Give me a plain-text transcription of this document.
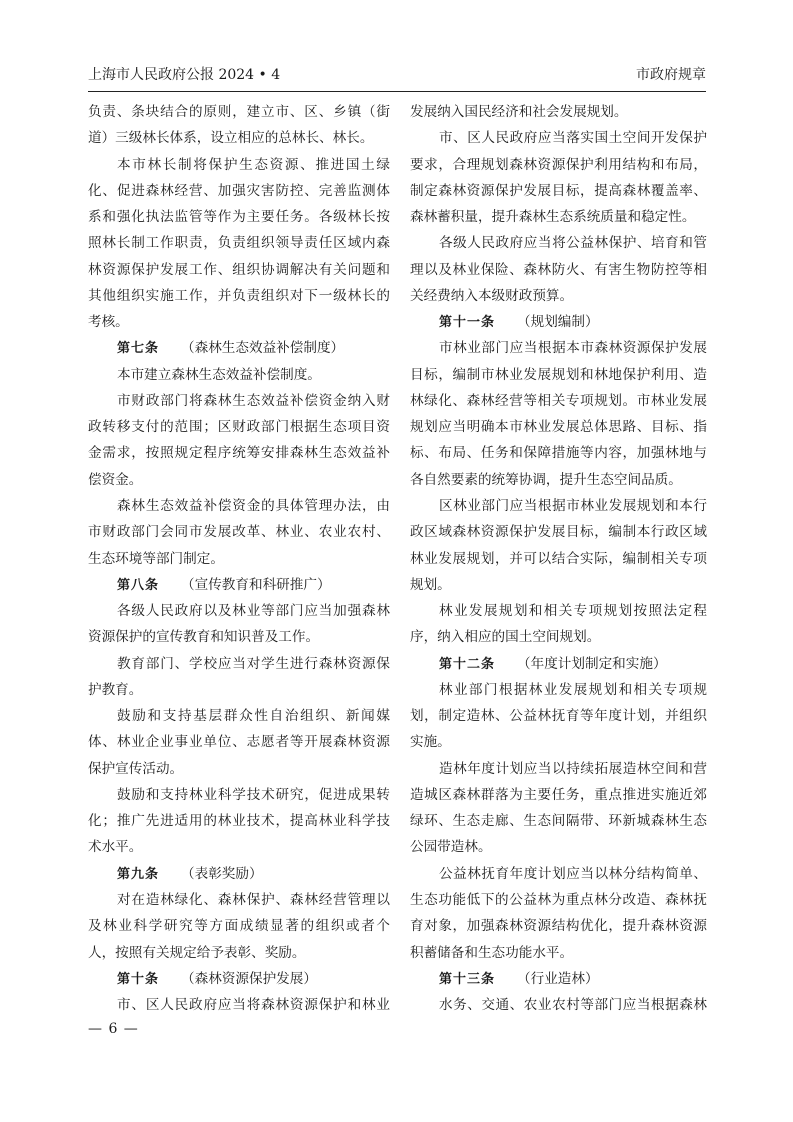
上海市人民政府公报 2024 • 4	市政府规章
负责、条块结合的原则，建立市、区、乡镇（街
道）三级林长体系，设立相应的总林长、林长。
本市林长制将保护生态资源、推进国土绿
化、促进森林经营、加强灾害防控、完善监测体
系和强化执法监管等作为主要任务。各级林长按
照林长制工作职责，负责组织领导责任区域内森
林资源保护发展工作、组织协调解决有关问题和
其他组织实施工作，并负责组织对下一级林长的
考核。
第七条 （森林生态效益补偿制度）
本市建立森林生态效益补偿制度。
市财政部门将森林生态效益补偿资金纳入财
政转移支付的范围；区财政部门根据生态项目资
金需求，按照规定程序统筹安排森林生态效益补
偿资金。
森林生态效益补偿资金的具体管理办法，由
市财政部门会同市发展改革、林业、农业农村、
生态环境等部门制定。
第八条 （宣传教育和科研推广）
各级人民政府以及林业等部门应当加强森林
资源保护的宣传教育和知识普及工作。
教育部门、学校应当对学生进行森林资源保
护教育。
鼓励和支持基层群众性自治组织、新闻媒
体、林业企业事业单位、志愿者等开展森林资源
保护宣传活动。
鼓励和支持林业科学技术研究，促进成果转
化；推广先进适用的林业技术，提高林业科学技
术水平。
第九条 （表彰奖励）
对在造林绿化、森林保护、森林经营管理以
及林业科学研究等方面成绩显著的组织或者个
人，按照有关规定给予表彰、奖励。
第十条 （森林资源保护发展）
市、区人民政府应当将森林资源保护和林业
发展纳入国民经济和社会发展规划。
市、区人民政府应当落实国土空间开发保护
要求，合理规划森林资源保护利用结构和布局，
制定森林资源保护发展目标，提高森林覆盖率、
森林蓄积量，提升森林生态系统质量和稳定性。
各级人民政府应当将公益林保护、培育和管
理以及林业保险、森林防火、有害生物防控等相
关经费纳入本级财政预算。
第十一条 （规划编制）
市林业部门应当根据本市森林资源保护发展
目标，编制市林业发展规划和林地保护利用、造
林绿化、森林经营等相关专项规划。市林业发展
规划应当明确本市林业发展总体思路、目标、指
标、布局、任务和保障措施等内容，加强林地与
各自然要素的统筹协调，提升生态空间品质。
区林业部门应当根据市林业发展规划和本行
政区域森林资源保护发展目标，编制本行政区域
林业发展规划，并可以结合实际，编制相关专项
规划。
林业发展规划和相关专项规划按照法定程
序，纳入相应的国土空间规划。
第十二条 （年度计划制定和实施）
林业部门根据林业发展规划和相关专项规
划，制定造林、公益林抚育等年度计划，并组织
实施。
造林年度计划应当以持续拓展造林空间和营
造城区森林群落为主要任务，重点推进实施近郊
绿环、生态走廊、生态间隔带、环新城森林生态
公园带造林。
公益林抚育年度计划应当以林分结构简单、
生态功能低下的公益林为重点林分改造、森林抚
育对象，加强森林资源结构优化，提升森林资源
积蓄储备和生态功能水平。
第十三条 （行业造林）
水务、交通、农业农村等部门应当根据森林
— 6 —
